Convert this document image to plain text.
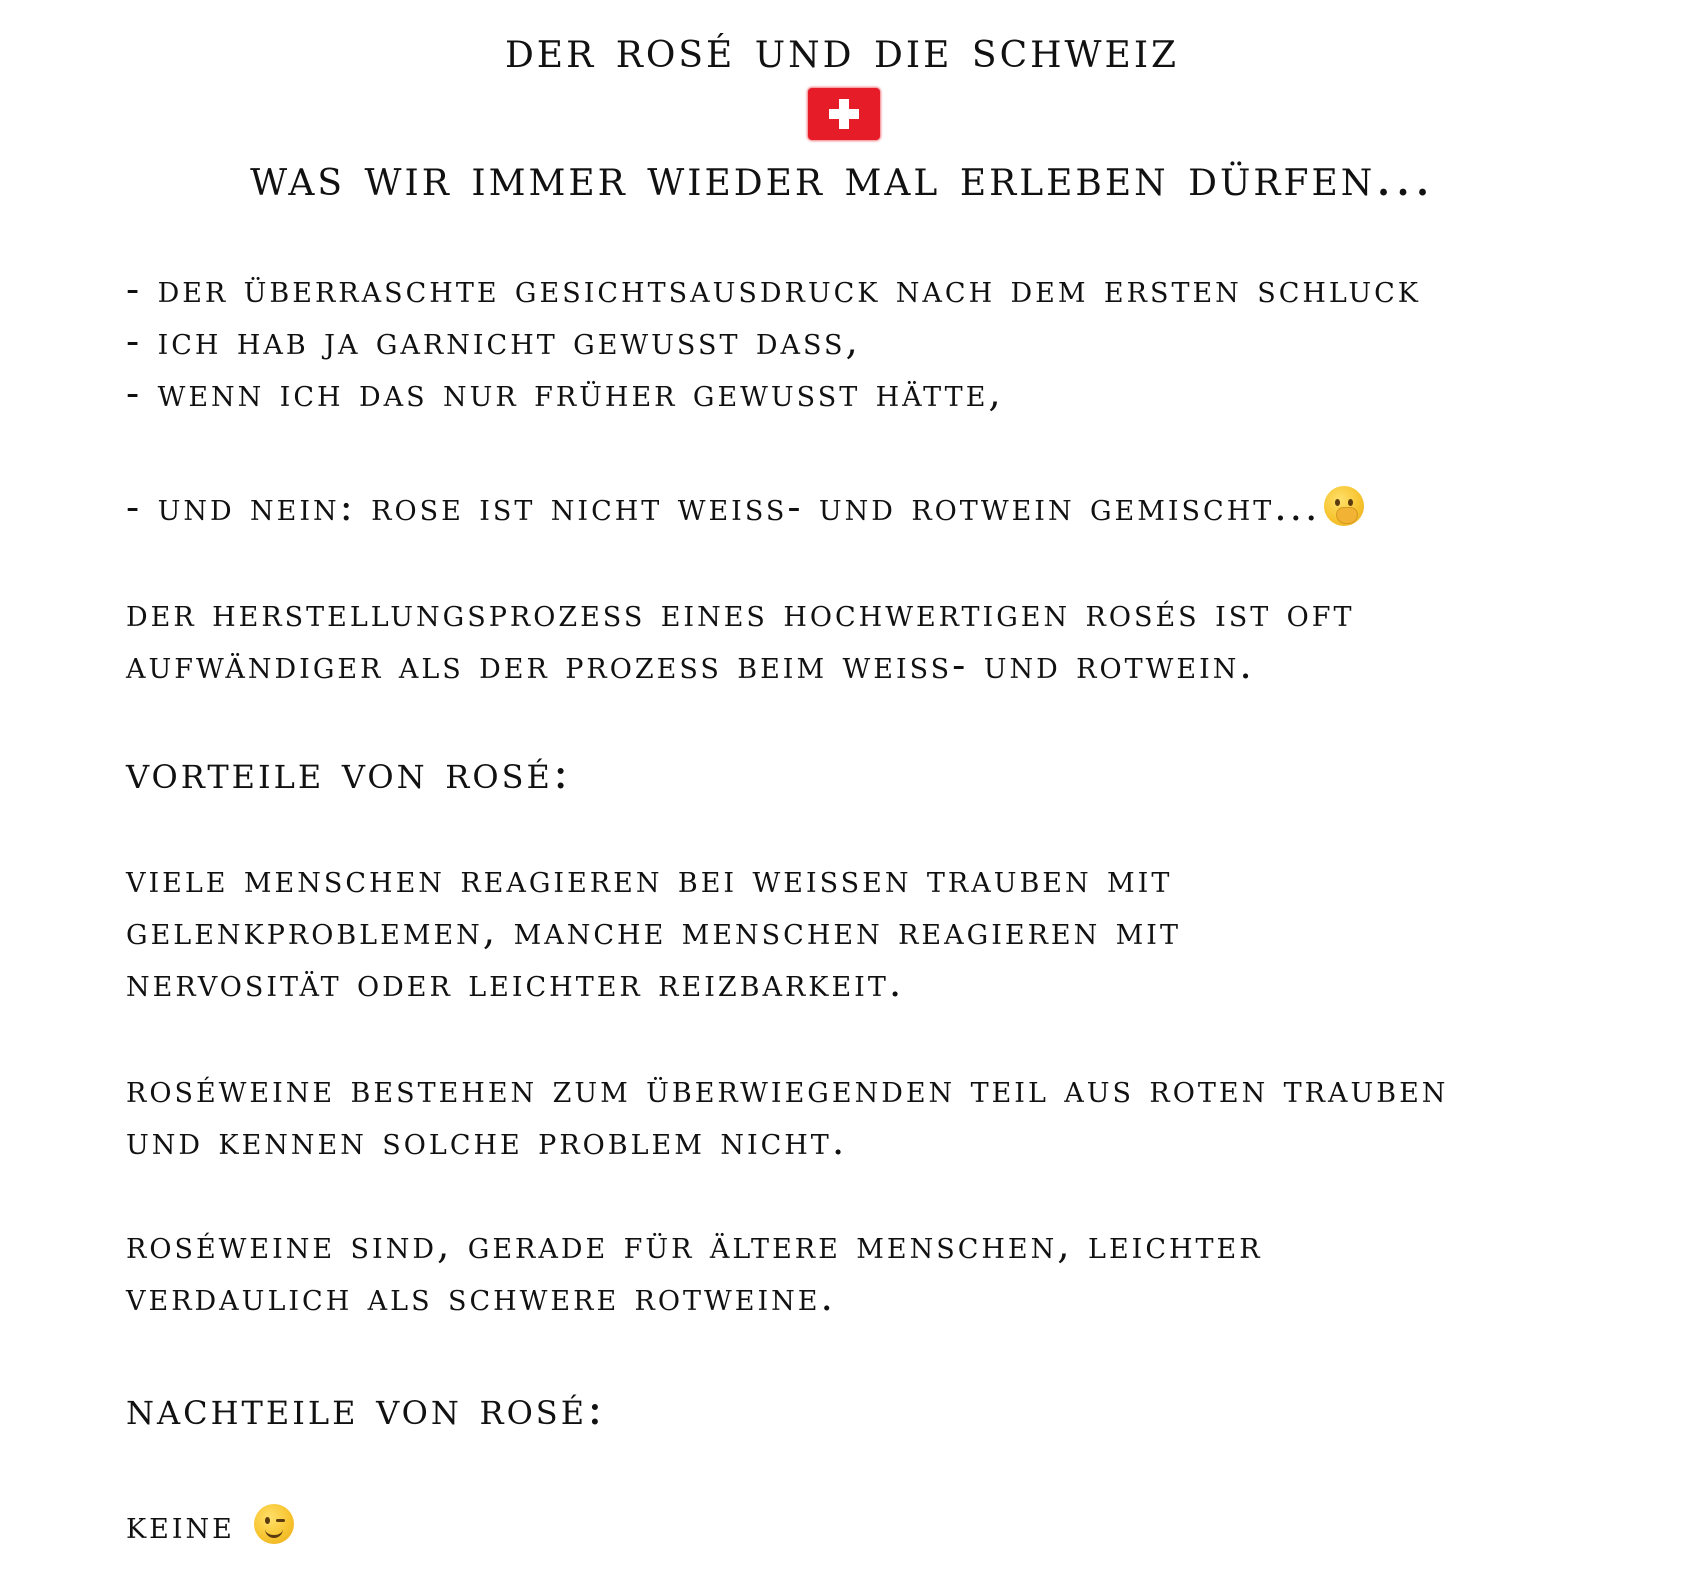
der rosé und die schweiz
was wir immer wieder mal erleben dürfen...

- der überraschte gesichtsausdruck nach dem ersten schluck

- ich hab ja garnicht gewusst dass,

- wenn ich das nur früher gewusst hätte,

- und nein: rose ist nicht weiss- und rotwein gemischt...

der herstellungsprozess eines hochwertigen rosés ist oft

aufwändiger als der prozess beim weiss- und rotwein.

vorteile von rosé:

viele menschen reagieren bei weissen trauben mit

gelenkproblemen, manche menschen reagieren mit

nervosität oder leichter reizbarkeit.

roséweine bestehen zum überwiegenden teil aus roten trauben

und kennen solche problem nicht.

roséweine sind, gerade für ältere menschen, leichter

verdaulich als schwere rotweine.

nachteile von rosé:

keine
